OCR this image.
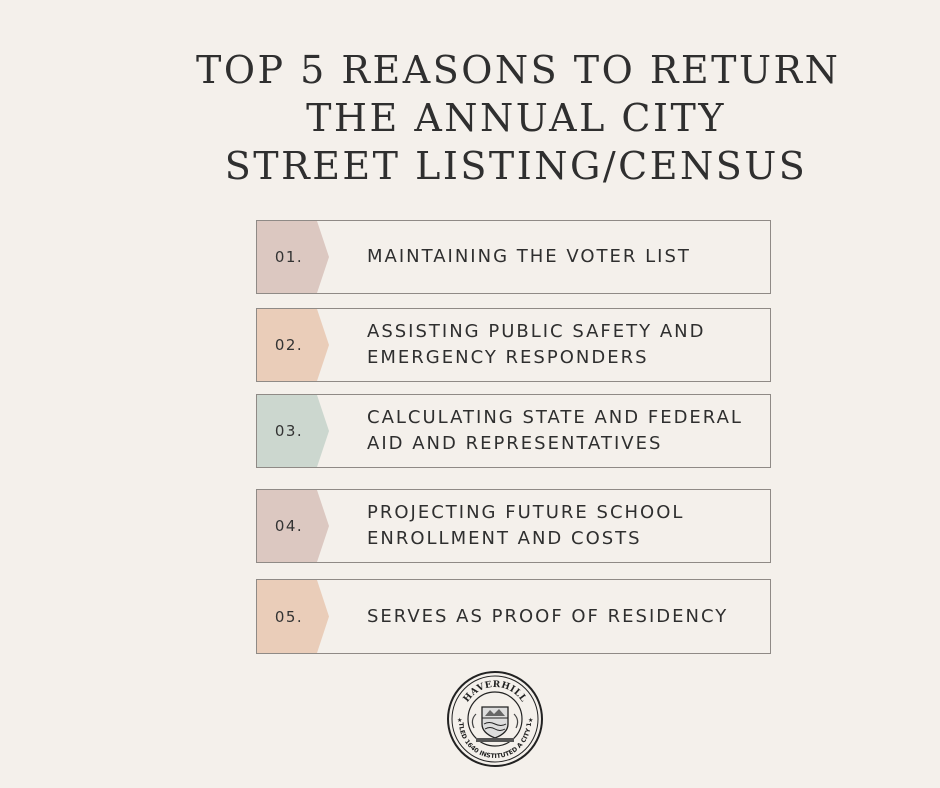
TOP 5 REASONS TO RETURN
THE ANNUAL CITY
STREET LISTING/CENSUS
01.	MAINTAINING THE VOTER LIST
02.
ASSISTING PUBLIC SAFETY AND EMERGENCY RESPONDERS
03.
CALCULATING STATE AND FEDERAL AID AND REPRESENTATIVES
04.
PROJECTING FUTURE SCHOOL ENROLLMENT AND COSTS
05.	SERVES AS PROOF OF RESIDENCY
HAVERHILL
TLED 1640 INSTITUTED A CITY 1
★	★
